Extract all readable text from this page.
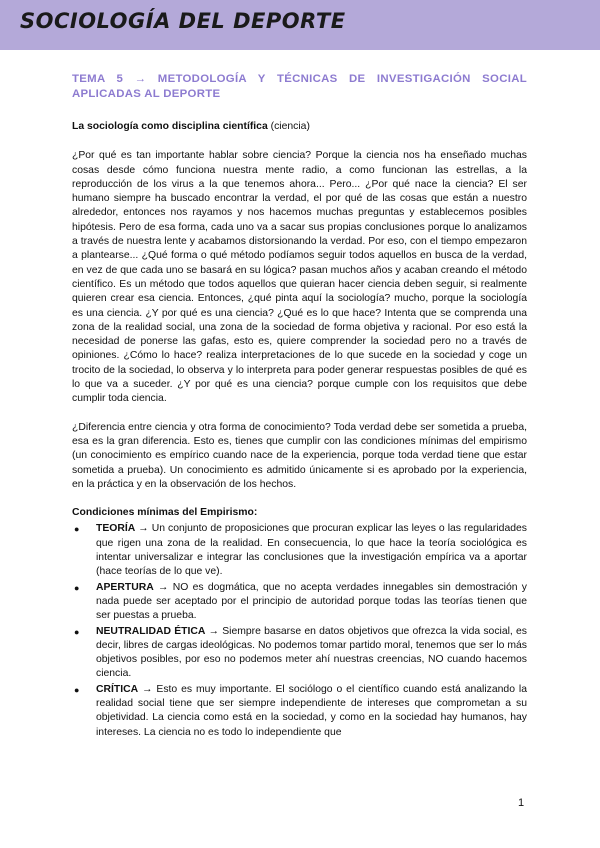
SOCIOLOGÍA DEL DEPORTE
TEMA 5 → METODOLOGÍA Y TÉCNICAS DE INVESTIGACIÓN SOCIAL APLICADAS AL DEPORTE
La sociología como disciplina científica (ciencia)

¿Por qué es tan importante hablar sobre ciencia? Porque la ciencia nos ha enseñado muchas cosas desde cómo funciona nuestra mente radio, a como funcionan las estrellas, a la reproducción de los virus a la que tenemos ahora... Pero... ¿Por qué nace la ciencia? El ser humano siempre ha buscado encontrar la verdad, el por qué de las cosas que están a nuestro alrededor, entonces nos rayamos y nos hacemos muchas preguntas y establecemos posibles hipótesis. Pero de esa forma, cada uno va a sacar sus propias conclusiones porque lo analizamos a través de nuestra lente y acabamos distorsionando la verdad. Por eso, con el tiempo empezaron a plantearse... ¿Qué forma o qué método podíamos seguir todos aquellos en busca de la verdad, en vez de que cada uno se basará en su lógica? pasan muchos años y acaban creando el método científico. Es un método que todos aquellos que quieran hacer ciencia deben seguir, si realmente quieren crear esa ciencia. Entonces, ¿qué pinta aquí la sociología? mucho, porque la sociología es una ciencia. ¿Y por qué es una ciencia? ¿Qué es lo que hace? Intenta que se comprenda una zona de la realidad social, una zona de la sociedad de forma objetiva y racional. Por eso está la necesidad de ponerse las gafas, esto es, quiere comprender la sociedad pero no a través de opiniones. ¿Cómo lo hace? realiza interpretaciones de lo que sucede en la sociedad y coge un trocito de la sociedad, lo observa y lo interpreta para poder generar respuestas posibles de qué es lo que va a suceder. ¿Y por qué es una ciencia? porque cumple con los requisitos que debe cumplir toda ciencia.

¿Diferencia entre ciencia y otra forma de conocimiento? Toda verdad debe ser sometida a prueba, esa es la gran diferencia. Esto es, tienes que cumplir con las condiciones mínimas del empirismo (un conocimiento es empírico cuando nace de la experiencia, porque toda verdad tiene que estar sometida a prueba). Un conocimiento es admitido únicamente si es aprobado por la experiencia, en la práctica y en la observación de los hechos.

Condiciones mínimas del Empirismo:
● TEORÍA → Un conjunto de proposiciones que procuran explicar las leyes o las regularidades que rigen una zona de la realidad. En consecuencia, lo que hace la teoría sociológica es intentar universalizar e integrar las conclusiones que la investigación empírica va a aportar (hace teorías de lo que ve).
● APERTURA → NO es dogmática, que no acepta verdades innegables sin demostración y nada puede ser aceptado por el principio de autoridad porque todas las teorías tienen que ser puestas a prueba.
● NEUTRALIDAD ÉTICA → Siempre basarse en datos objetivos que ofrezca la vida social, es decir, libres de cargas ideológicas. No podemos tomar partido moral, tenemos que ser lo más objetivos posibles, por eso no podemos meter ahí nuestras creencias, NO cuando hacemos ciencia.
● CRÍTICA → Esto es muy importante. El sociólogo o el científico cuando está analizando la realidad social tiene que ser siempre independiente de intereses que comprometan a su objetividad. La ciencia como está en la sociedad, y como en la sociedad hay humanos, hay intereses. La ciencia no es todo lo independiente que
1
